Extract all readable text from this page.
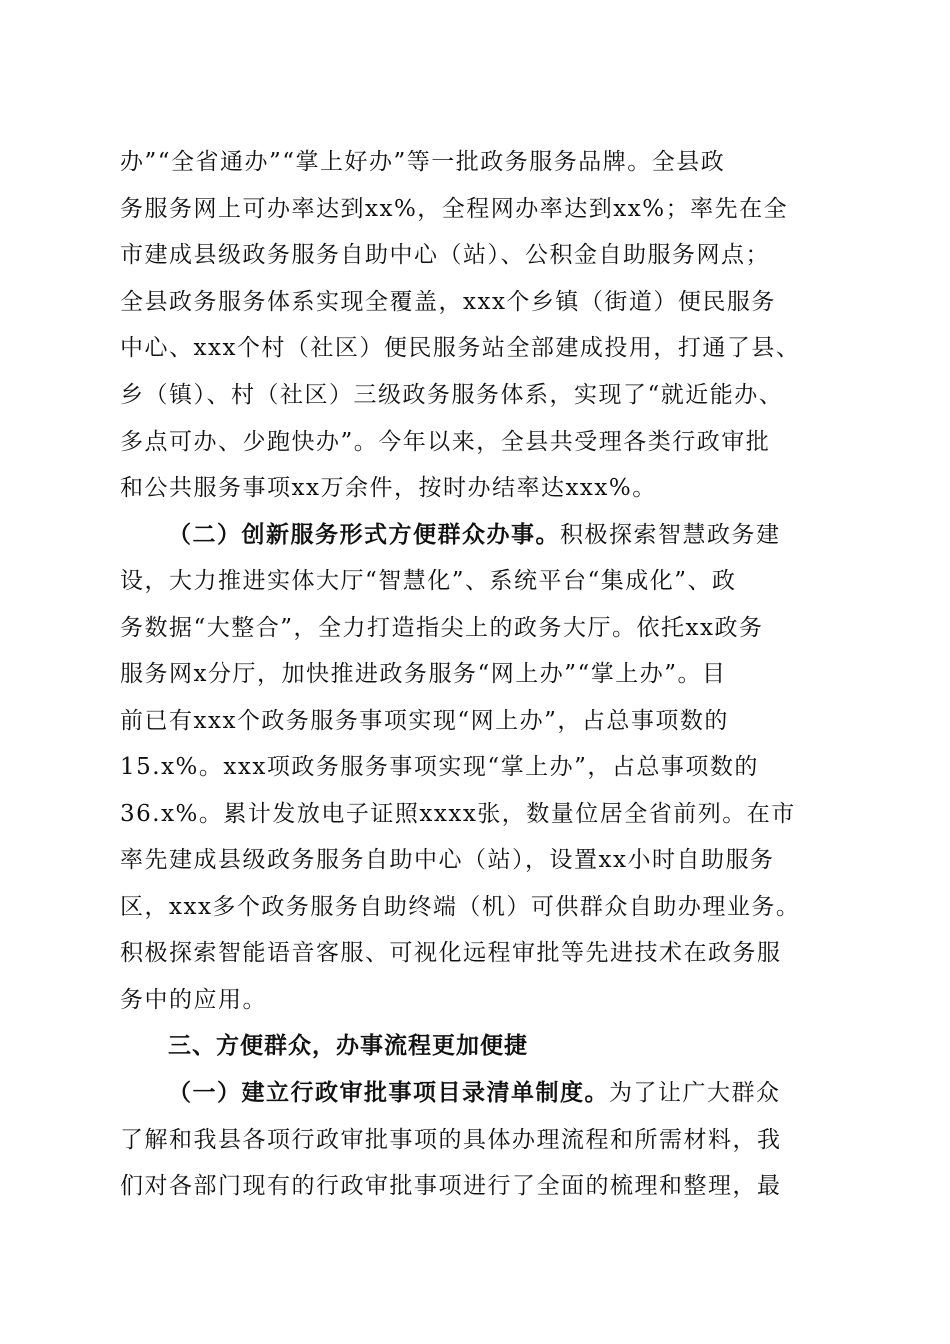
办”“全省通办”“掌上好办”等一批政务服务品牌。全县政
务服务网上可办率达到xx%，全程网办率达到xx%；率先在全
市建成县级政务服务自助中心（站）、公积金自助服务网点；
全县政务服务体系实现全覆盖，xxx个乡镇（街道）便民服务
中心、xxx个村（社区）便民服务站全部建成投用，打通了县、
乡（镇）、村（社区）三级政务服务体系，实现了“就近能办、
多点可办、少跑快办”。今年以来，全县共受理各类行政审批
和公共服务事项xx万余件，按时办结率达xxx%。
（二）创新服务形式方便群众办事。积极探索智慧政务建
设，大力推进实体大厅“智慧化”、系统平台“集成化”、政
务数据“大整合”，全力打造指尖上的政务大厅。依托xx政务
服务网x分厅，加快推进政务服务“网上办”“掌上办”。目
前已有xxx个政务服务事项实现“网上办”，占总事项数的
15.x%。xxx项政务服务事项实现“掌上办”，占总事项数的
36.x%。累计发放电子证照xxxx张，数量位居全省前列。在市
率先建成县级政务服务自助中心（站），设置xx小时自助服务
区，xxx多个政务服务自助终端（机）可供群众自助办理业务。
积极探索智能语音客服、可视化远程审批等先进技术在政务服
务中的应用。
三、方便群众，办事流程更加便捷
（一）建立行政审批事项目录清单制度。为了让广大群众
了解和我县各项行政审批事项的具体办理流程和所需材料，我
们对各部门现有的行政审批事项进行了全面的梳理和整理，最
